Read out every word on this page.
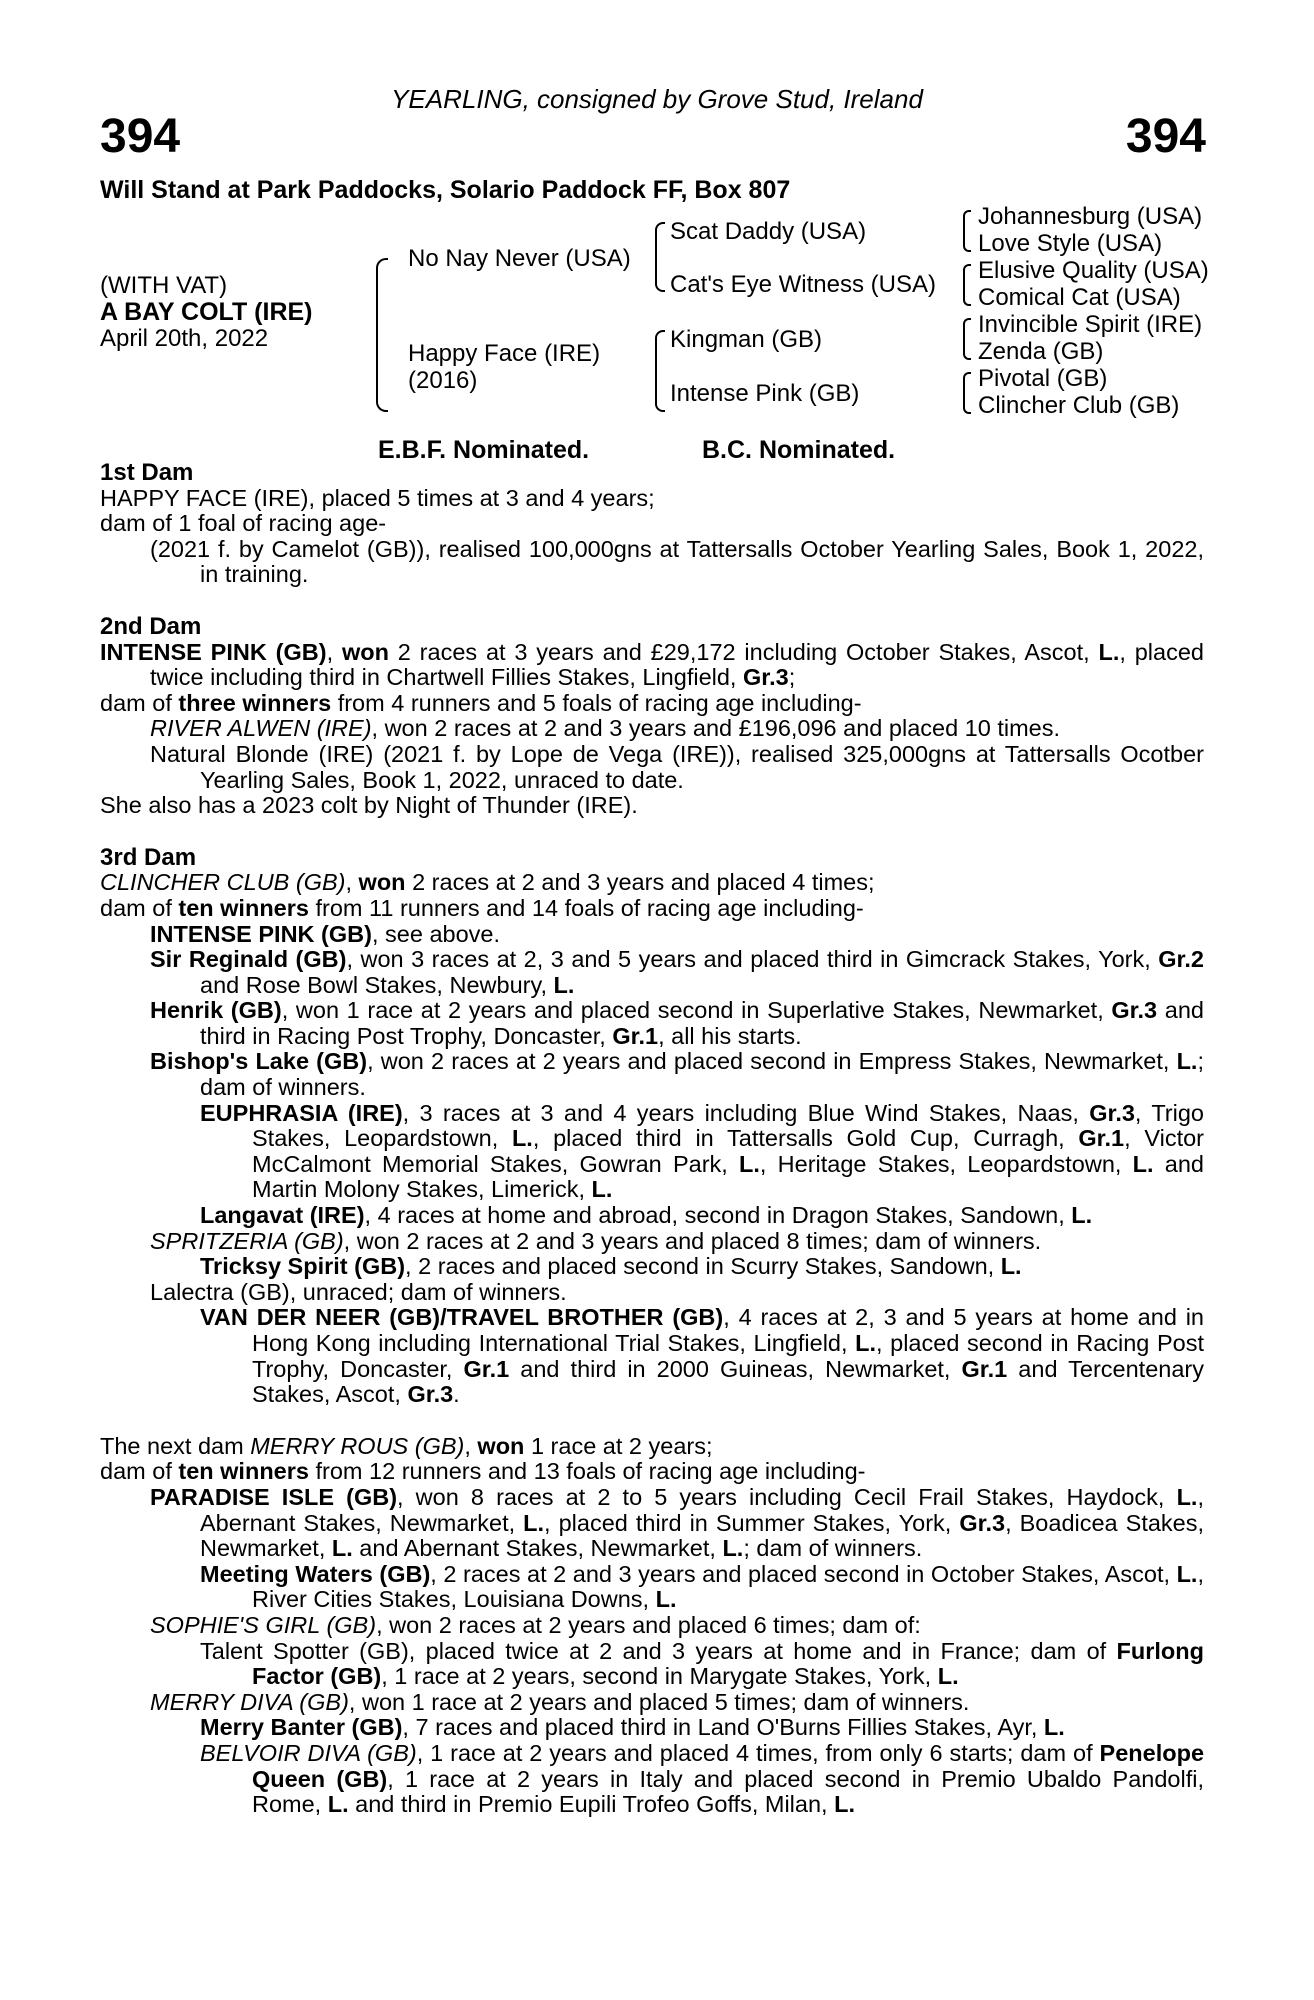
YEARLING, consigned by Grove Stud, Ireland
394	394
Will Stand at Park Paddocks, Solario Paddock FF, Box 807
(WITH VAT)
A BAY COLT (IRE)
April 20th, 2022
No Nay Never (USA)
Happy Face (IRE)
(2016)
Scat Daddy (USA)
Cat's Eye Witness (USA)
Kingman (GB)
Intense Pink (GB)
Johannesburg (USA)
Love Style (USA)
Elusive Quality (USA)
Comical Cat (USA)
Invincible Spirit (IRE)
Zenda (GB)
Pivotal (GB)
Clincher Club (GB)
E.B.F. Nominated.	B.C. Nominated.

1st Dam

HAPPY FACE (IRE), placed 5 times at 3 and 4 years;

dam of 1 foal of racing age-

(2021 f. by Camelot (GB)), realised 100,000gns at Tattersalls October Yearling Sales, Book 1, 2022, in training.

2nd Dam

INTENSE PINK (GB), won 2 races at 3 years and £29,172 including October Stakes, Ascot, L., placed twice including third in Chartwell Fillies Stakes, Lingfield, Gr.3;

dam of three winners from 4 runners and 5 foals of racing age including-

RIVER ALWEN (IRE), won 2 races at 2 and 3 years and £196,096 and placed 10 times.

Natural Blonde (IRE) (2021 f. by Lope de Vega (IRE)), realised 325,000gns at Tattersalls Ocotber Yearling Sales, Book 1, 2022, unraced to date.

She also has a 2023 colt by Night of Thunder (IRE).

3rd Dam

CLINCHER CLUB (GB), won 2 races at 2 and 3 years and placed 4 times;

dam of ten winners from 11 runners and 14 foals of racing age including-

INTENSE PINK (GB), see above.

Sir Reginald (GB), won 3 races at 2, 3 and 5 years and placed third in Gimcrack Stakes, York, Gr.2 and Rose Bowl Stakes, Newbury, L.

Henrik (GB), won 1 race at 2 years and placed second in Superlative Stakes, Newmarket, Gr.3 and third in Racing Post Trophy, Doncaster, Gr.1, all his starts.

Bishop's Lake (GB), won 2 races at 2 years and placed second in Empress Stakes, Newmarket, L.; dam of winners.

EUPHRASIA (IRE), 3 races at 3 and 4 years including Blue Wind Stakes, Naas, Gr.3, Trigo Stakes, Leopardstown, L., placed third in Tattersalls Gold Cup, Curragh, Gr.1, Victor McCalmont Memorial Stakes, Gowran Park, L., Heritage Stakes, Leopardstown, L. and Martin Molony Stakes, Limerick, L.

Langavat (IRE), 4 races at home and abroad, second in Dragon Stakes, Sandown, L.

SPRITZERIA (GB), won 2 races at 2 and 3 years and placed 8 times; dam of winners.

Tricksy Spirit (GB), 2 races and placed second in Scurry Stakes, Sandown, L.

Lalectra (GB), unraced; dam of winners.

VAN DER NEER (GB)/TRAVEL BROTHER (GB), 4 races at 2, 3 and 5 years at home and in Hong Kong including International Trial Stakes, Lingfield, L., placed second in Racing Post Trophy, Doncaster, Gr.1 and third in 2000 Guineas, Newmarket, Gr.1 and Tercentenary Stakes, Ascot, Gr.3.

The next dam MERRY ROUS (GB), won 1 race at 2 years;

dam of ten winners from 12 runners and 13 foals of racing age including-

PARADISE ISLE (GB), won 8 races at 2 to 5 years including Cecil Frail Stakes, Haydock, L., Abernant Stakes, Newmarket, L., placed third in Summer Stakes, York, Gr.3, Boadicea Stakes, Newmarket, L. and Abernant Stakes, Newmarket, L.; dam of winners.

Meeting Waters (GB), 2 races at 2 and 3 years and placed second in October Stakes, Ascot, L., River Cities Stakes, Louisiana Downs, L.

SOPHIE'S GIRL (GB), won 2 races at 2 years and placed 6 times; dam of:

Talent Spotter (GB), placed twice at 2 and 3 years at home and in France; dam of Furlong Factor (GB), 1 race at 2 years, second in Marygate Stakes, York, L.

MERRY DIVA (GB), won 1 race at 2 years and placed 5 times; dam of winners.

Merry Banter (GB), 7 races and placed third in Land O'Burns Fillies Stakes, Ayr, L.

BELVOIR DIVA (GB), 1 race at 2 years and placed 4 times, from only 6 starts; dam of Penelope Queen (GB), 1 race at 2 years in Italy and placed second in Premio Ubaldo Pandolfi, Rome, L. and third in Premio Eupili Trofeo Goffs, Milan, L.
